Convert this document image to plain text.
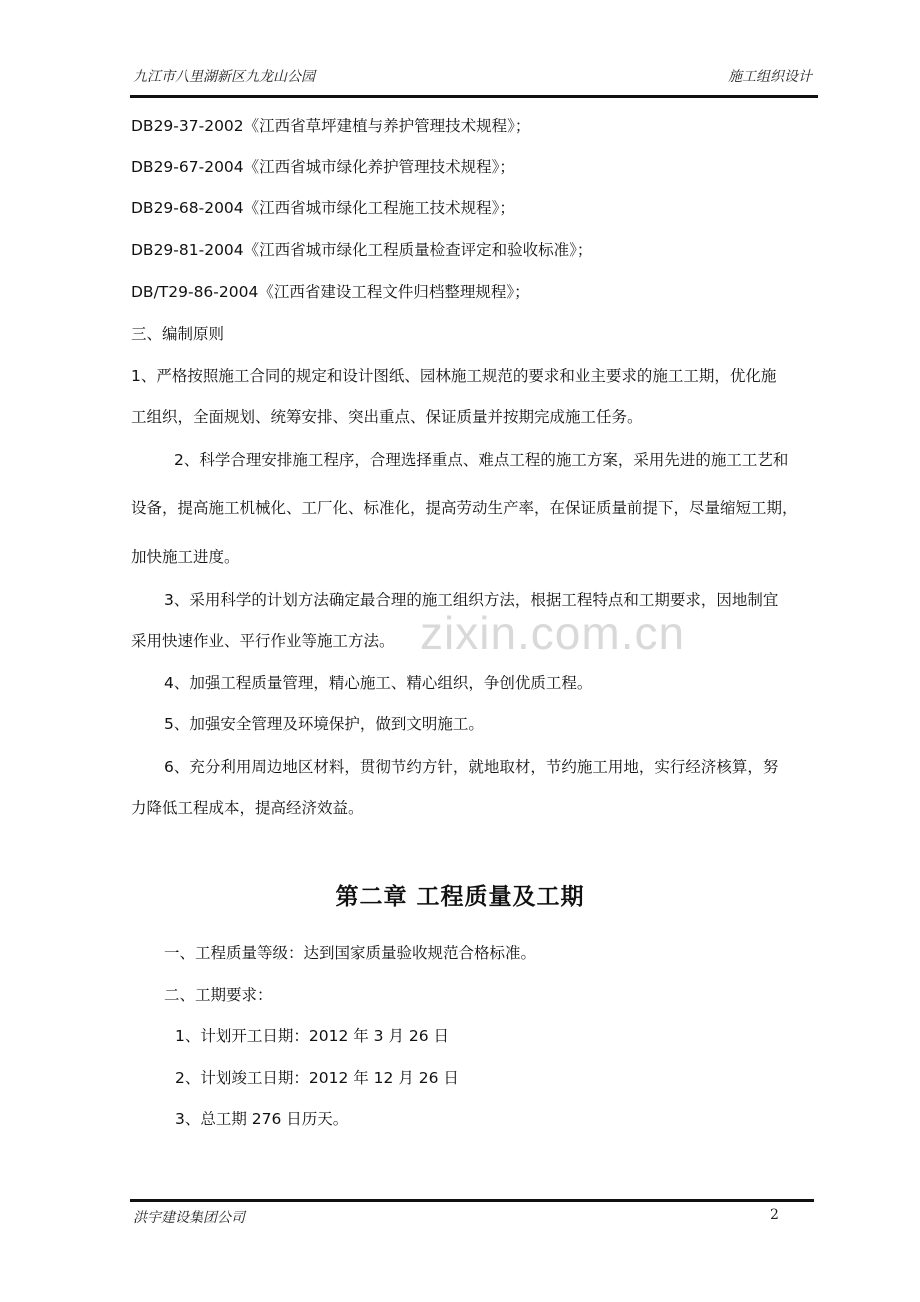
九江市八里湖新区九龙山公园	施工组织设计
DB29-37-2002《江西省草坪建植与养护管理技术规程》；
DB29-67-2004《江西省城市绿化养护管理技术规程》；
DB29-68-2004《江西省城市绿化工程施工技术规程》；
DB29-81-2004《江西省城市绿化工程质量检查评定和验收标准》；
DB/T29-86-2004《江西省建设工程文件归档整理规程》；
三、编制原则
1、严格按照施工合同的规定和设计图纸、园林施工规范的要求和业主要求的施工工期，优化施
工组织，全面规划、统筹安排、突出重点、保证质量并按期完成施工任务。
2、科学合理安排施工程序，合理选择重点、难点工程的施工方案，采用先进的施工工艺和
设备，提高施工机械化、工厂化、标准化，提高劳动生产率，在保证质量前提下，尽量缩短工期，
加快施工进度。
3、采用科学的计划方法确定最合理的施工组织方法，根据工程特点和工期要求，因地制宜
采用快速作业、平行作业等施工方法。
4、加强工程质量管理，精心施工、精心组织，争创优质工程。
5、加强安全管理及环境保护，做到文明施工。
6、充分利用周边地区材料，贯彻节约方针，就地取材，节约施工用地，实行经济核算，努
力降低工程成本，提高经济效益。
第二章 工程质量及工期
一、工程质量等级：达到国家质量验收规范合格标准。
二、工期要求：
1、计划开工日期：2012 年 3 月 26 日
2、计划竣工日期：2012 年 12 月 26 日
3、总工期 276 日历天。
zixin.com.cn
洪宇建设集团公司	2
